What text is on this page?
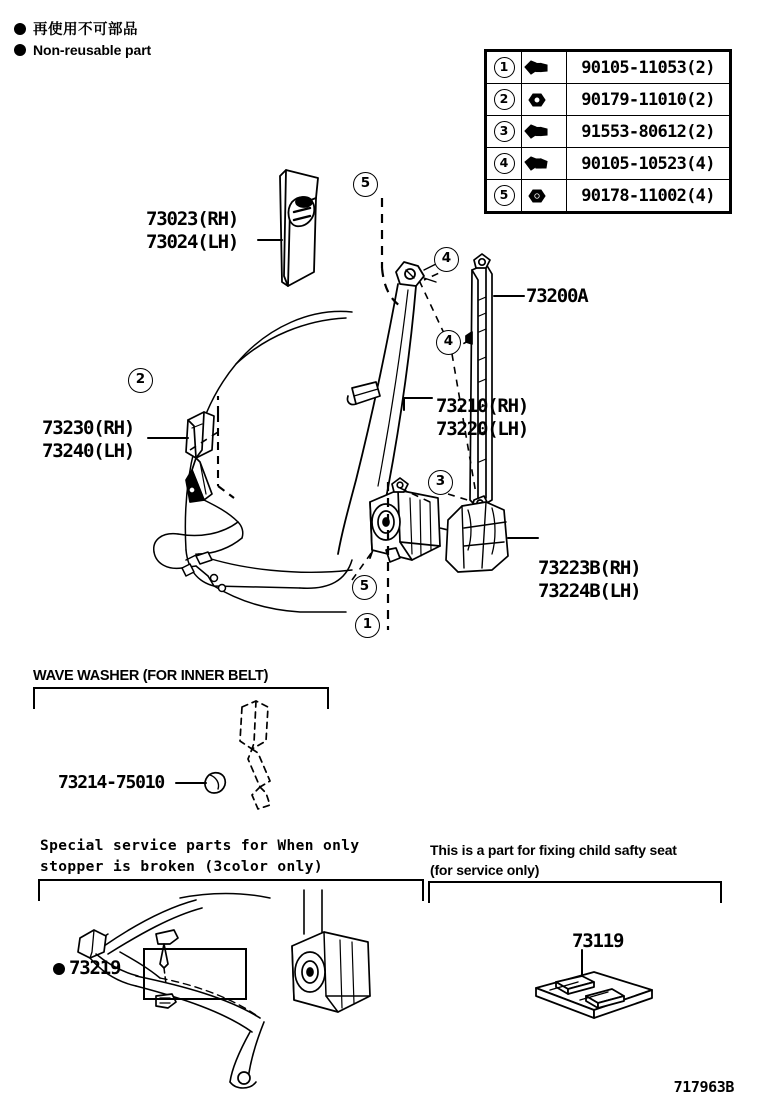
再使用不可部品
Non-reusable part
1		90105-11053(2)
2		90179-11010(2)
3		91553-80612(2)
4		90105-10523(4)
5		90178-11002(4)
5
4
4
2
3
5
1
73023(RH)
73024(LH)
73230(RH)
73240(LH)
73200A
73210(RH)
73220(LH)
73223B(RH)
73224B(LH)
WAVE WASHER (FOR INNER BELT)
73214-75010
Special service parts for When only
stopper is broken (3color only)
73219
This is a part for fixing child safty seat
(for service only)
73119
717963B
